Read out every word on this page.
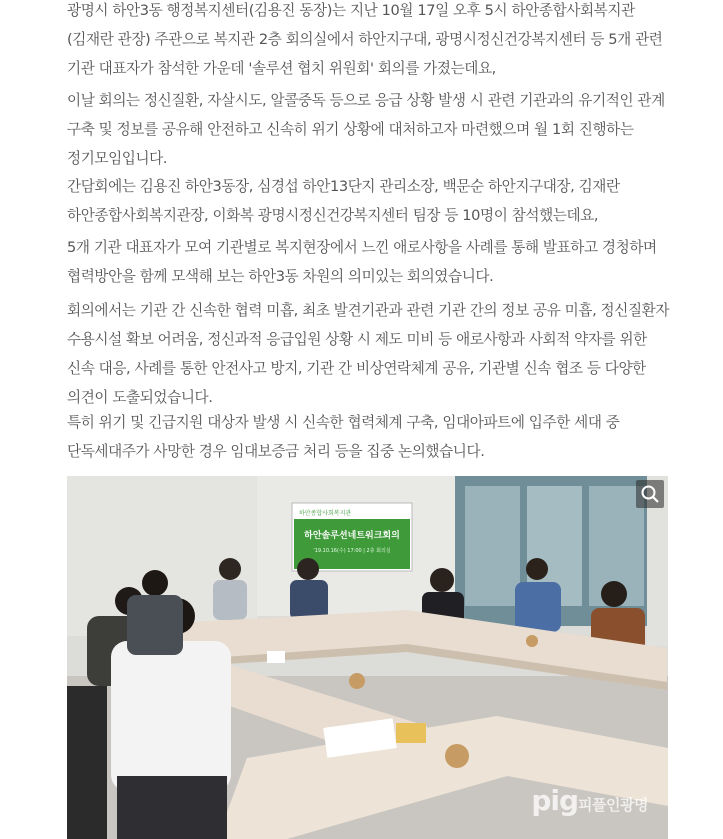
광명시 하안3동 행정복지센터(김용진 동장)는 지난 10월 17일 오후 5시 하안종합사회복지관(김재란 관장) 주관으로 복지관 2층 회의실에서 하안지구대, 광명시정신건강복지센터 등 5개 관련 기관 대표자가 참석한 가운데 '솔루션 협치 위원회' 회의를 가졌는데요,

이날 회의는 정신질환, 자살시도, 알콜중독 등으로 응급 상황 발생 시 관련 기관과의 유기적인 관계 구축 및 정보를 공유해 안전하고 신속히 위기 상황에 대처하고자 마련했으며 월 1회 진행하는 정기모임입니다.

간담회에는 김용진 하안3동장, 심경섭 하안13단지 관리소장, 백문순 하안지구대장, 김재란 하안종합사회복지관장, 이화복 광명시정신건강복지센터 팀장 등 10명이 참석했는데요,

5개 기관 대표자가 모여 기관별로 복지현장에서 느낀 애로사항을 사례를 통해 발표하고 경청하며 협력방안을 함께 모색해 보는 하안3동 차원의 의미있는 회의였습니다.

회의에서는 기관 간 신속한 협력 미흡, 최초 발견기관과 관련 기관 간의 정보 공유 미흡, 정신질환자 수용시설 확보 어려움, 정신과적 응급입원 상황 시 제도 미비 등 애로사항과 사회적 약자를 위한 신속 대응, 사례를 통한 안전사고 방지, 기관 간 비상연락체계 공유, 기관별 신속 협조 등 다양한 의견이 도출되었습니다.

특히 위기 및 긴급지원 대상자 발생 시 신속한 협력체계 구축, 임대아파트에 입주한 세대 중 단독세대주가 사망한 경우 임대보증금 처리 등을 집중 논의했습니다.

하안종합사회복지관
하안솔루션네트워크회의
'19.10.16(수) 17:00 | 2층 회의실
pig피플인광명
